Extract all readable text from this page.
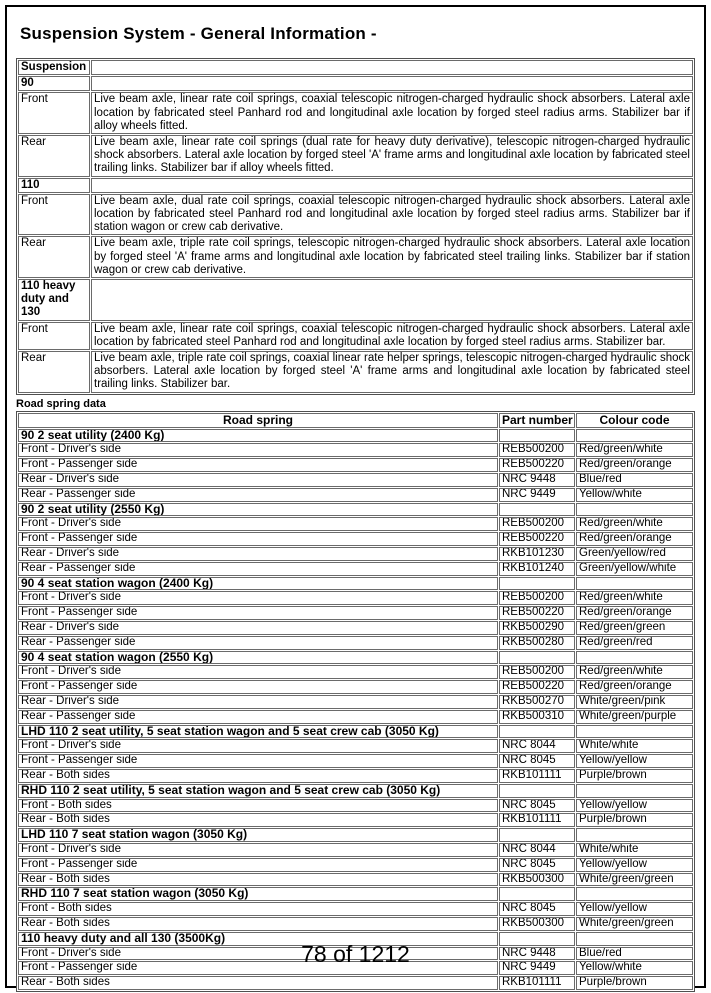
Suspension System - General Information -
Suspension	
90	
Front	Live beam axle, linear rate coil springs, coaxial telescopic nitrogen-charged hydraulic shock absorbers. Lateral axle location by fabricated steel Panhard rod and longitudinal axle location by forged steel radius arms. Stabilizer bar if alloy wheels fitted.
Rear	Live beam axle, linear rate coil springs (dual rate for heavy duty derivative), telescopic nitrogen-charged hydraulic shock absorbers. Lateral axle location by forged steel 'A' frame arms and longitudinal axle location by fabricated steel trailing links. Stabilizer bar if alloy wheels fitted.
110	
Front	Live beam axle, dual rate coil springs, coaxial telescopic nitrogen-charged hydraulic shock absorbers. Lateral axle location by fabricated steel Panhard rod and longitudinal axle location by forged steel radius arms. Stabilizer bar if station wagon or crew cab derivative.
Rear	Live beam axle, triple rate coil springs, telescopic nitrogen-charged hydraulic shock absorbers. Lateral axle location by forged steel 'A' frame arms and longitudinal axle location by fabricated steel trailing links. Stabilizer bar if station wagon or crew cab derivative.
110 heavy duty and 130	
Front	Live beam axle, linear rate coil springs, coaxial telescopic nitrogen-charged hydraulic shock absorbers. Lateral axle location by fabricated steel Panhard rod and longitudinal axle location by forged steel radius arms. Stabilizer bar.
Rear	Live beam axle, triple rate coil springs, coaxial linear rate helper springs, telescopic nitrogen-charged hydraulic shock absorbers. Lateral axle location by forged steel 'A' frame arms and longitudinal axle location by fabricated steel trailing links. Stabilizer bar.
Road spring data
Road spring	Part number	Colour code
90 2 seat utility (2400 Kg)		
Front - Driver's side	REB500200	Red/green/white
Front - Passenger side	REB500220	Red/green/orange
Rear - Driver's side	NRC 9448	Blue/red
Rear - Passenger side	NRC 9449	Yellow/white
90 2 seat utility (2550 Kg)		
Front - Driver's side	REB500200	Red/green/white
Front - Passenger side	REB500220	Red/green/orange
Rear - Driver's side	RKB101230	Green/yellow/red
Rear - Passenger side	RKB101240	Green/yellow/white
90 4 seat station wagon (2400 Kg)		
Front - Driver's side	REB500200	Red/green/white
Front - Passenger side	REB500220	Red/green/orange
Rear - Driver's side	RKB500290	Red/green/green
Rear - Passenger side	RKB500280	Red/green/red
90 4 seat station wagon (2550 Kg)		
Front - Driver's side	REB500200	Red/green/white
Front - Passenger side	REB500220	Red/green/orange
Rear - Driver's side	RKB500270	White/green/pink
Rear - Passenger side	RKB500310	White/green/purple
LHD 110 2 seat utility, 5 seat station wagon and 5 seat crew cab (3050 Kg)		
Front - Driver's side	NRC 8044	White/white
Front - Passenger side	NRC 8045	Yellow/yellow
Rear - Both sides	RKB101111	Purple/brown
RHD 110 2 seat utility, 5 seat station wagon and 5 seat crew cab (3050 Kg)		
Front - Both sides	NRC 8045	Yellow/yellow
Rear - Both sides	RKB101111	Purple/brown
LHD 110 7 seat station wagon (3050 Kg)		
Front - Driver's side	NRC 8044	White/white
Front - Passenger side	NRC 8045	Yellow/yellow
Rear - Both sides	RKB500300	White/green/green
RHD 110 7 seat station wagon (3050 Kg)		
Front - Both sides	NRC 8045	Yellow/yellow
Rear - Both sides	RKB500300	White/green/green
110 heavy duty and all 130 (3500Kg)		
Front - Driver's side	NRC 9448	Blue/red
Front - Passenger side	NRC 9449	Yellow/white
Rear - Both sides	RKB101111	Purple/brown
78 of 1212
